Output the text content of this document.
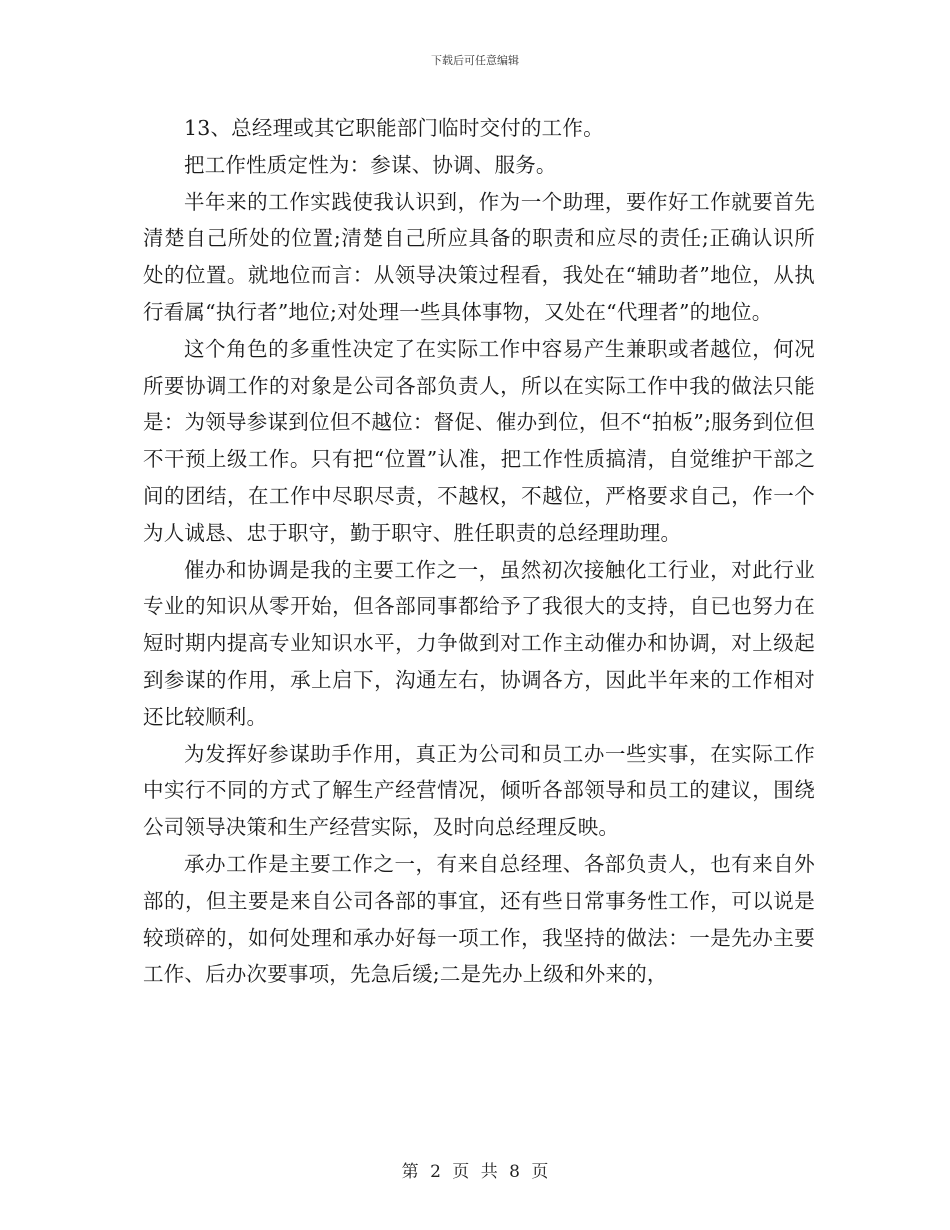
下载后可任意编辑

13、总经理或其它职能部门临时交付的工作。

把工作性质定性为：参谋、协调、服务。

半年来的工作实践使我认识到，作为一个助理，要作好工作就要首先清楚自己所处的位置;清楚自己所应具备的职责和应尽的责任;正确认识所处的位置。就地位而言：从领导决策过程看，我处在“辅助者”地位，从执行看属“执行者”地位;对处理一些具体事物，又处在“代理者”的地位。

这个角色的多重性决定了在实际工作中容易产生兼职或者越位，何况所要协调工作的对象是公司各部负责人，所以在实际工作中我的做法只能是：为领导参谋到位但不越位：督促、催办到位，但不“拍板”;服务到位但不干预上级工作。只有把“位置”认准，把工作性质搞清，自觉维护干部之间的团结，在工作中尽职尽责，不越权，不越位，严格要求自己，作一个为人诚恳、忠于职守，勤于职守、胜任职责的总经理助理。

催办和协调是我的主要工作之一，虽然初次接触化工行业，对此行业专业的知识从零开始，但各部同事都给予了我很大的支持，自已也努力在短时期内提高专业知识水平，力争做到对工作主动催办和协调，对上级起到参谋的作用，承上启下，沟通左右，协调各方，因此半年来的工作相对还比较顺利。

为发挥好参谋助手作用，真正为公司和员工办一些实事，在实际工作中实行不同的方式了解生产经营情况，倾听各部领导和员工的建议，围绕公司领导决策和生产经营实际，及时向总经理反映。

承办工作是主要工作之一，有来自总经理、各部负责人，也有来自外部的，但主要是来自公司各部的事宜，还有些日常事务性工作，可以说是较琐碎的，如何处理和承办好每一项工作，我坚持的做法：一是先办主要工作、后办次要事项，先急后缓;二是先办上级和外来的，

第 2 页 共 8 页
